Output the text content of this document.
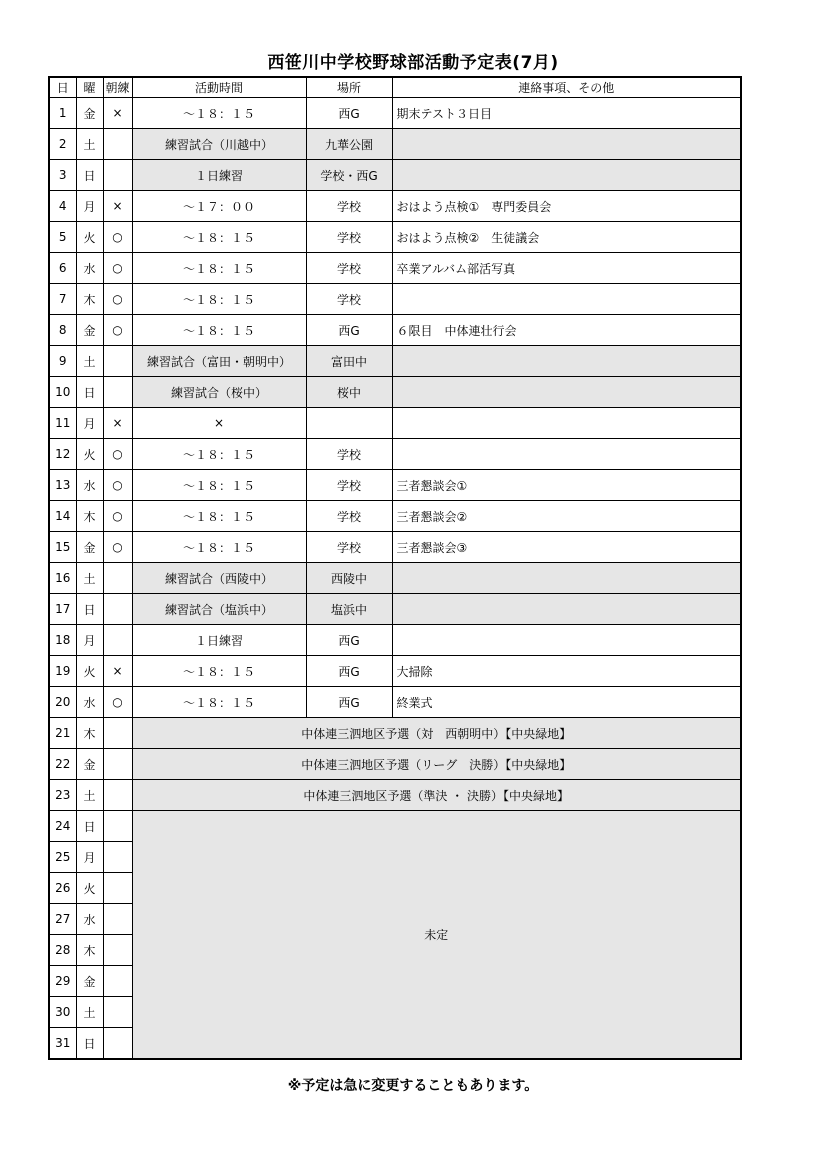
西笹川中学校野球部活動予定表(7月)
日	曜	朝練	活動時間	場所	連絡事項、その他
1	金	×	～１８：１５	西G	期末テスト３日目
2	土		練習試合（川越中）	九華公園	
3	日		１日練習	学校・西G	
4	月	×	～１７：００	学校	おはよう点検①　専門委員会
5	火	○	～１８：１５	学校	おはよう点検②　生徒議会
6	水	○	～１８：１５	学校	卒業アルバム部活写真
7	木	○	～１８：１５	学校	
8	金	○	～１８：１５	西G	６限目　中体連壮行会
9	土		練習試合（富田・朝明中）	富田中	
10	日		練習試合（桜中）	桜中	
11	月	×	×		
12	火	○	～１８：１５	学校	
13	水	○	～１８：１５	学校	三者懇談会①
14	木	○	～１８：１５	学校	三者懇談会②
15	金	○	～１８：１５	学校	三者懇談会③
16	土		練習試合（西陵中）	西陵中	
17	日		練習試合（塩浜中）	塩浜中	
18	月		１日練習	西G	
19	火	×	～１８：１５	西G	大掃除
20	水	○	～１８：１５	西G	終業式
21	木		中体連三泗地区予選（対　西朝明中）【中央緑地】		
22	金		中体連三泗地区予選（リーグ　決勝）【中央緑地】		
23	土		中体連三泗地区予選（準決 ・ 決勝）【中央緑地】		
24	日		未定		
25	月				
26	火				
27	水				
28	木				
29	金				
30	土				
31	日				
※予定は急に変更することもあります。
